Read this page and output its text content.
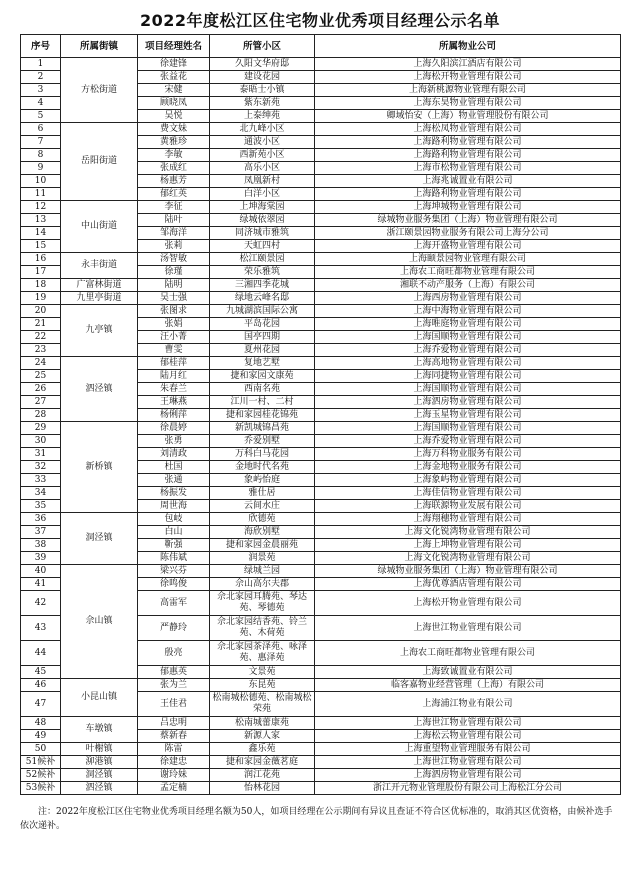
2022年度松江区住宅物业优秀项目经理公示名单
序号	所属街镇	项目经理姓名	所管小区	所属物业公司
1	方松街道	徐建锋	久阳文华府邸	上海久阳滨江酒店有限公司
2		张益花	建设花园	上海松开物业管理有限公司
3		宋健	泰晤士小镇	上海新桃源物业管理有限公司
4		顾晓凤	紫东新苑	上海东昊物业管理有限公司
5		吴悦	上泰绅苑	卿域怡安（上海）物业管理股份有限公司
6	岳阳街道	费文妹	北九峰小区	上海松凤物业管理有限公司
7		黄雅珍	通波小区	上海路利物业管理有限公司
8		李敏	西新苑小区	上海路利物业管理有限公司
9		张成红	高乐小区	上海市松物业管理有限公司
10		杨惠芳	凤凰新村	上海兆诚置业有限公司
11		郁红英	白洋小区	上海路利物业管理有限公司
12	中山街道	李征	上坤海棠园	上海坤城物业管理有限公司
13		陆叶	绿城依翠园	绿城物业服务集团（上海）物业管理有限公司
14		邹海洋	同济城市雅筑	浙江颐景园物业服务有限公司上海分公司
15		张莉	天虹四村	上海开盛物业管理有限公司
16	永丰街道	汤智敏	松江颐景园	上海颐景园物业管理有限公司
17		徐瑾	荣乐雅筑	上海农工商旺都物业管理有限公司
18	广富林街道	陆明	三湘四季花城	湘联不动产服务（上海）有限公司
19	九里亭街道	吴士强	绿地云峰名邸	上海西房物业管理有限公司
20	九亭镇	张图求	九城湖滨国际公寓	上海中海物业管理有限公司
21		张娟	平岛花园	上海唯庭物业管理有限公司
22		汪小菁	国亭四期	上海国顺物业管理有限公司
23		曹雯	夏州花园	上海乔爱物业管理有限公司
24	泗泾镇	郁桂萍	复地艺墅	上海高地物业管理有限公司
25		陆月红	捷和家园文康苑	上海同捷物业管理有限公司
26		朱春兰	西南名苑	上海国顺物业管理有限公司
27		王琳燕	江川一村、二村	上海泗房物业管理有限公司
28		杨俐萍	捷和家园桂花锦苑	上海玉星物业管理有限公司
29	新桥镇	徐晨婷	新凯城锦昌苑	上海国顺物业管理有限公司
30		张勇	乔爱别墅	上海乔爱物业管理有限公司
31		刘清政	万科白马花园	上海万科物业服务有限公司
32		杜国	金地时代名苑	上海金地物业服务有限公司
33		张通	象屿怡庭	上海象屿物业管理有限公司
34		杨振发	雅仕居	上海佳信物业管理有限公司
35		周世海	云间水庄	上海联源物业发展有限公司
36	洞泾镇	包岐	欣德苑	上海翔穗物业管理有限公司
37		白山	海欣别墅	上海文化锐湾物业管理有限公司
38		靳强	捷和家园金晨丽苑	上海上坤物业管理有限公司
39		陈伟斌	润景苑	上海文化锐湾物业管理有限公司
40	佘山镇	梁兴芬	绿城兰园	绿城物业服务集团（上海）物业管理有限公司
41		徐鸣俊	佘山高尔夫郡	上海优尊酒店管理有限公司
42		高雷军	佘北家园耳腾苑、琴达苑、琴德苑	上海松开物业管理有限公司
43		严静玲	佘北家园结香苑、铃兰苑、木荷苑	上海世江物业管理有限公司
44		殷亮	佘北家园茶泽苑、咏泽苑、惠泽苑	上海农工商旺都物业管理有限公司
45		郁惠英	文景苑	上海致诚置业有限公司
46	小昆山镇	张为兰	东昆苑	临客嘉物业经营管理（上海）有限公司
47		王佳君	松南城松德苑、松南城松荣苑	上海浦江物业有限公司
48	车墩镇	吕忠明	松南城蕾康苑	上海世江物业管理有限公司
49		蔡新春	新源人家	上海松云物业管理有限公司
50	叶榭镇	陈雷	鑫乐苑	上海重望物业管理服务有限公司
51候补	泖港镇	徐建忠	捷和家园金薇茗庭	上海世江物业管理有限公司
52候补	洞泾镇	谢玲妹	润江花苑	上海泗房物业管理有限公司
53候补	泗泾镇	孟定楠	怡林花园	浙江开元物业管理股份有限公司上海松江分公司
注：2022年度松江区住宅物业优秀项目经理名额为50人，如项目经理在公示期间有异议且查证不符合区优标准的，取消其区优资格，由候补选手依次递补。
